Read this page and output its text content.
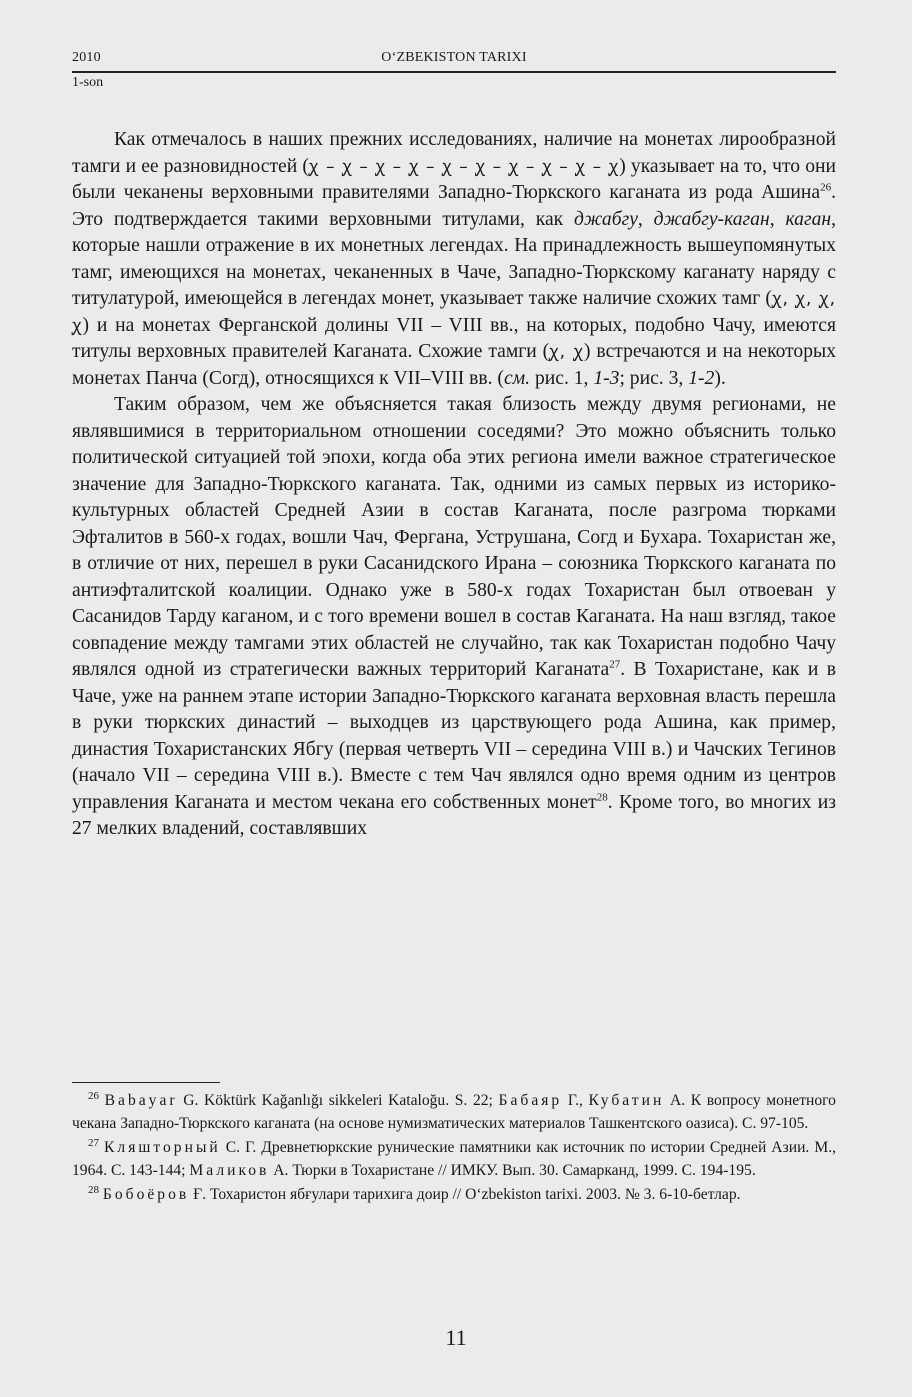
2010	O‘ZBEKISTON TARIXI
1-son

Как отмечалось в наших прежних исследованиях, наличие на монетах лирообразной тамги и ее разновидностей (ꭕ – ꭕ – ꭕ – ꭕ – ꭕ – ꭕ – ꭕ – ꭕ – ꭕ – ꭕ) указывает на то, что они были чеканены верховными правителями Западно-Тюркского каганата из рода Ашина$^{26}$. Это подтверждается такими верховными титулами, как джабгу, джабгу-каган, каган, которые нашли отражение в их монетных легендах. На принадлежность вышеупомянутых тамг, имеющихся на монетах, чеканенных в Чаче, Западно-Тюркскому каганату наряду с титулатурой, имеющейся в легендах монет, указывает также наличие схожих тамг (ꭕ, ꭕ, ꭕ, ꭕ) и на монетах Ферганской долины VII – VIII вв., на которых, подобно Чачу, имеются титулы верховных правителей Каганата. Схожие тамги (ꭕ, ꭕ) встречаются и на некоторых монетах Панча (Согд), относящихся к VII–VIII вв. (см. рис. 1, 1-3; рис. 3, 1-2).

Таким образом, чем же объясняется такая близость между двумя регионами, не являвшимися в территориальном отношении соседями? Это можно объяснить только политической ситуацией той эпохи, когда оба этих региона имели важное стратегическое значение для Западно-Тюркского каганата. Так, одними из самых первых из историко-культурных областей Средней Азии в состав Каганата, после разгрома тюрками Эфталитов в 560-х годах, вошли Чач, Фергана, Уструшана, Согд и Бухара. Тохаристан же, в отличие от них, перешел в руки Сасанидского Ирана – союзника Тюркского каганата по антиэфталитской коалиции. Однако уже в 580-х годах Тохаристан был отвоеван у Сасанидов Тарду каганом, и с того времени вошел в состав Каганата. На наш взгляд, такое совпадение между тамгами этих областей не случайно, так как Тохаристан подобно Чачу являлся одной из стратегически важных территорий Каганата$^{27}$. В Тохаристане, как и в Чаче, уже на раннем этапе истории Западно-Тюркского каганата верховная власть перешла в руки тюркских династий – выходцев из царствующего рода Ашина, как пример, династия Тохаристанских Ябгу (первая четверть VII – середина VIII в.) и Чачских Тегинов (начало VII – середина VIII в.). Вместе с тем Чач являлся одно время одним из центров управления Каганата и местом чекана его собственных монет$^{28}$. Кроме того, во многих из 27 мелких владений, составлявших

$^{26}$ Babayar G. Köktürk Kağanlığı sikkeleri Kataloğu. S. 22; Бабаяр Г., Кубатин А. К вопросу монетного чекана Западно-Тюркского каганата (на основе нумизматических материалов Ташкентского оазиса). С. 97-105.

$^{27}$ Кляшторный С. Г. Древнетюркские рунические памятники как источник по истории Средней Азии. М., 1964. С. 143-144; Маликов А. Тюрки в Тохаристане // ИМКУ. Вып. 30. Самарканд, 1999. С. 194-195.

$^{28}$ Бобоёров Ғ. Тохаристон ябғулари тарихига доир // O‘zbekiston tarixi. 2003. № 3. 6-10-бетлар.

11
